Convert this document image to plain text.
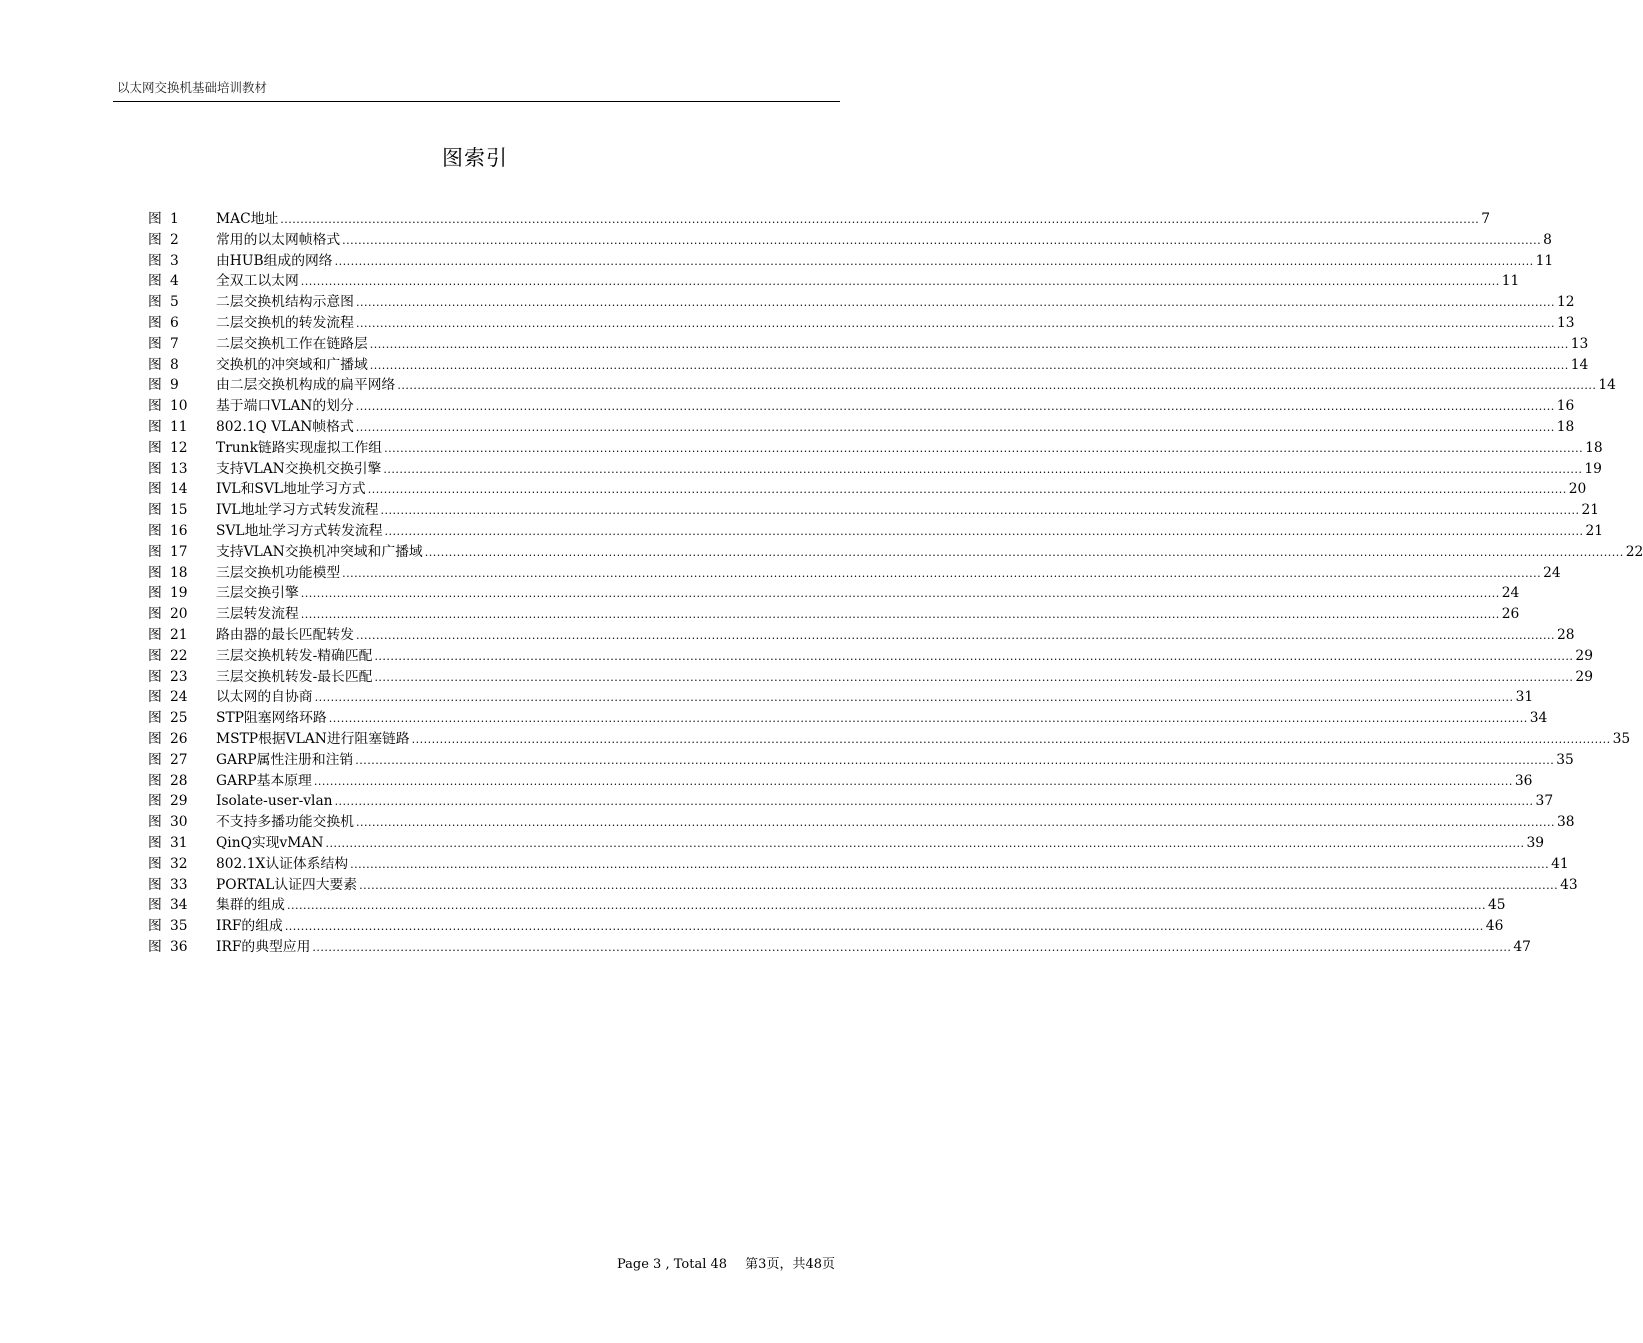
以太网交换机基础培训教材
图索引
图 1	MAC地址 ............................................................................................................................................................................................................................................................................................................ 7
图 2	常用的以太网帧格式 ............................................................................................................................................................................................................................................................................................................ 8
图 3	由HUB组成的网络 ............................................................................................................................................................................................................................................................................................................ 11
图 4	全双工以太网 ............................................................................................................................................................................................................................................................................................................ 11
图 5	二层交换机结构示意图 ............................................................................................................................................................................................................................................................................................................ 12
图 6	二层交换机的转发流程 ............................................................................................................................................................................................................................................................................................................ 13
图 7	二层交换机工作在链路层 ............................................................................................................................................................................................................................................................................................................ 13
图 8	交换机的冲突域和广播域 ............................................................................................................................................................................................................................................................................................................ 14
图 9	由二层交换机构成的扁平网络 ............................................................................................................................................................................................................................................................................................................ 14
图 10	基于端口VLAN的划分 ............................................................................................................................................................................................................................................................................................................ 16
图 11	802.1Q VLAN帧格式 ............................................................................................................................................................................................................................................................................................................ 18
图 12	Trunk链路实现虚拟工作组 ............................................................................................................................................................................................................................................................................................................ 18
图 13	支持VLAN交换机交换引擎 ............................................................................................................................................................................................................................................................................................................ 19
图 14	IVL和SVL地址学习方式 ............................................................................................................................................................................................................................................................................................................ 20
图 15	IVL地址学习方式转发流程 ............................................................................................................................................................................................................................................................................................................ 21
图 16	SVL地址学习方式转发流程 ............................................................................................................................................................................................................................................................................................................ 21
图 17	支持VLAN交换机冲突域和广播域 ............................................................................................................................................................................................................................................................................................................ 22
图 18	三层交换机功能模型 ............................................................................................................................................................................................................................................................................................................ 24
图 19	三层交换引擎 ............................................................................................................................................................................................................................................................................................................ 24
图 20	三层转发流程 ............................................................................................................................................................................................................................................................................................................ 26
图 21	路由器的最长匹配转发 ............................................................................................................................................................................................................................................................................................................ 28
图 22	三层交换机转发-精确匹配 ............................................................................................................................................................................................................................................................................................................ 29
图 23	三层交换机转发-最长匹配 ............................................................................................................................................................................................................................................................................................................ 29
图 24	以太网的自协商 ............................................................................................................................................................................................................................................................................................................ 31
图 25	STP阻塞网络环路 ............................................................................................................................................................................................................................................................................................................ 34
图 26	MSTP根据VLAN进行阻塞链路 ............................................................................................................................................................................................................................................................................................................ 35
图 27	GARP属性注册和注销 ............................................................................................................................................................................................................................................................................................................ 35
图 28	GARP基本原理 ............................................................................................................................................................................................................................................................................................................ 36
图 29	Isolate-user-vlan ............................................................................................................................................................................................................................................................................................................ 37
图 30	不支持多播功能交换机 ............................................................................................................................................................................................................................................................................................................ 38
图 31	QinQ实现vMAN ............................................................................................................................................................................................................................................................................................................ 39
图 32	802.1X认证体系结构 ............................................................................................................................................................................................................................................................................................................ 41
图 33	PORTAL认证四大要素 ............................................................................................................................................................................................................................................................................................................ 43
图 34	集群的组成 ............................................................................................................................................................................................................................................................................................................ 45
图 35	IRF的组成 ............................................................................................................................................................................................................................................................................................................ 46
图 36	IRF的典型应用 ............................................................................................................................................................................................................................................................................................................ 47
Page 3 , Total 48 第3页，共48页
